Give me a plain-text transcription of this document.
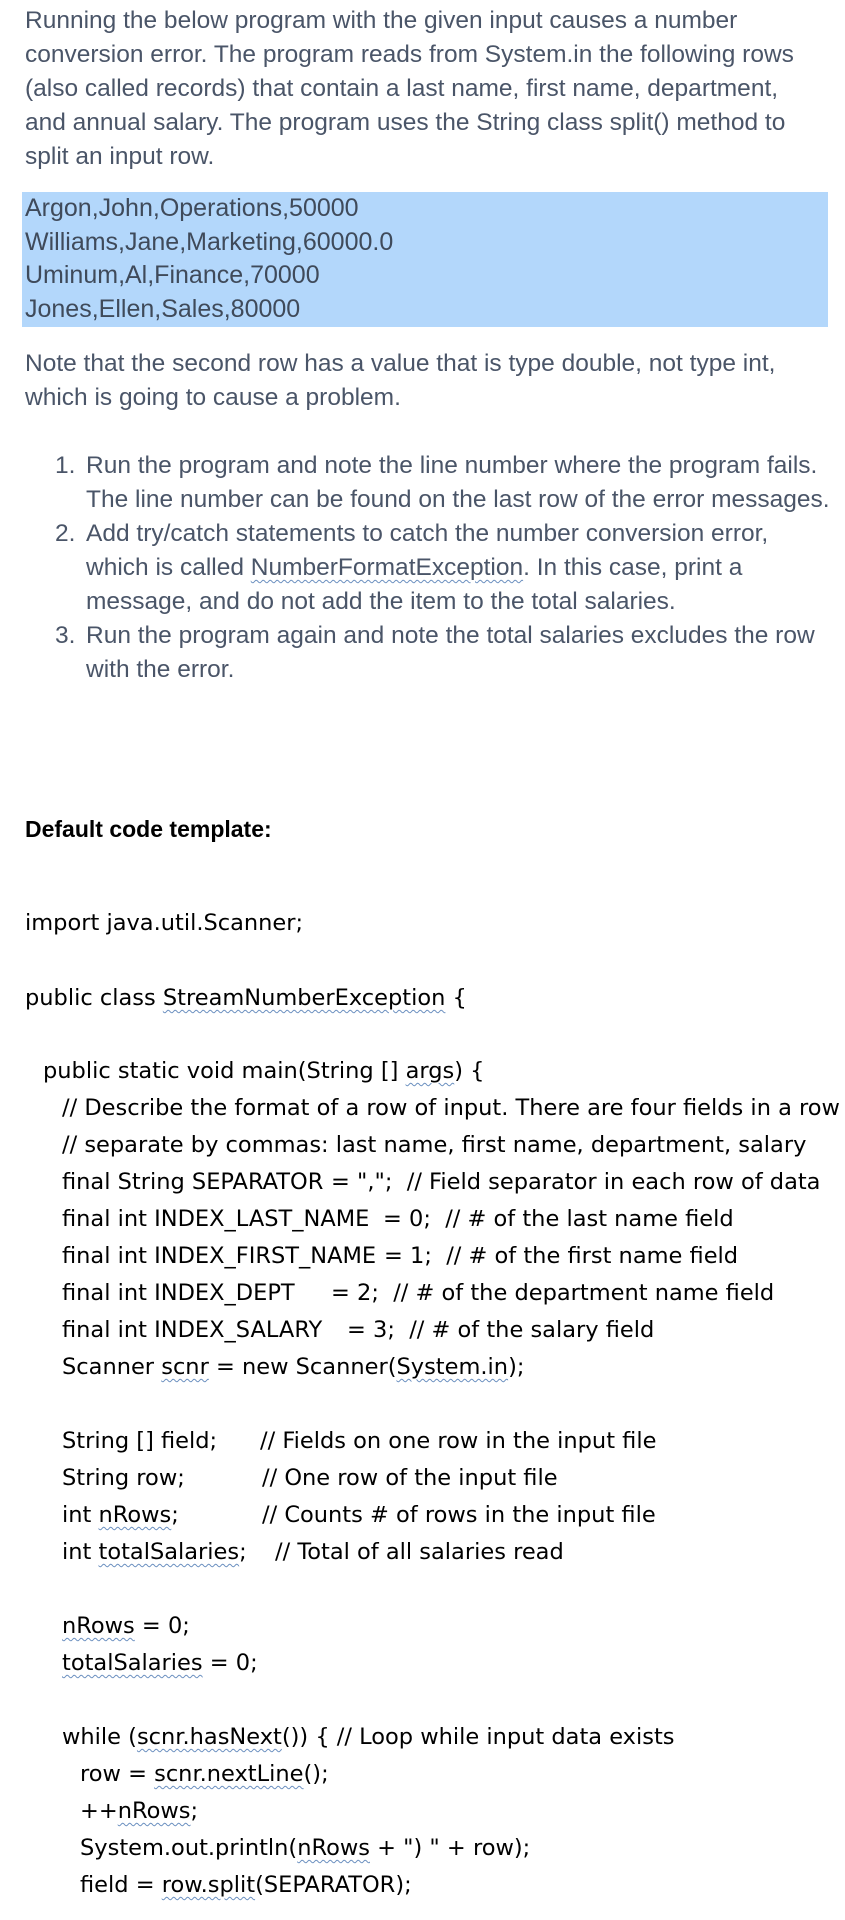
Running the below program with the given input causes a number conversion error. The program reads from System.in the following rows (also called records) that contain a last name, first name, department, and annual salary. The program uses the String class split() method to split an input row.

Argon,John,Operations,50000
Williams,Jane,Marketing,60000.0
Uminum,Al,Finance,70000
Jones,Ellen,Sales,80000
Note that the second row has a value that is type double, not type int, which is going to cause a problem.
1. Run the program and note the line number where the program fails. The line number can be found on the last row of the error messages.
2. Add try/catch statements to catch the number conversion error, which is called NumberFormatException. In this case, print a message, and do not add the item to the total salaries.
3. Run the program again and note the total salaries excludes the row with the error.
Default code template:
import java.util.Scanner;
public class StreamNumberException {
public static void main(String [] args) {
// Describe the format of a row of input. There are four fields in a row
// separate by commas: last name, first name, department, salary
final String SEPARATOR = ",";  // Field separator in each row of data
final int INDEX_LAST_NAME = 0;  // # of the last name field
final int INDEX_FIRST_NAME = 1;  // # of the first name field
final int INDEX_DEPT = 2;  // # of the department name field
final int INDEX_SALARY = 3;  // # of the salary field
Scanner scnr = new Scanner(System.in);
String [] field; // Fields on one row in the input file
String row;	// One row of the input file
int nRows;	// Counts # of rows in the input file
int totalSalaries; // Total of all salaries read
nRows = 0;
totalSalaries = 0;
while (scnr.hasNext()) { // Loop while input data exists
row = scnr.nextLine();
++nRows;
System.out.println(nRows + ") " + row);
field = row.split(SEPARATOR);
